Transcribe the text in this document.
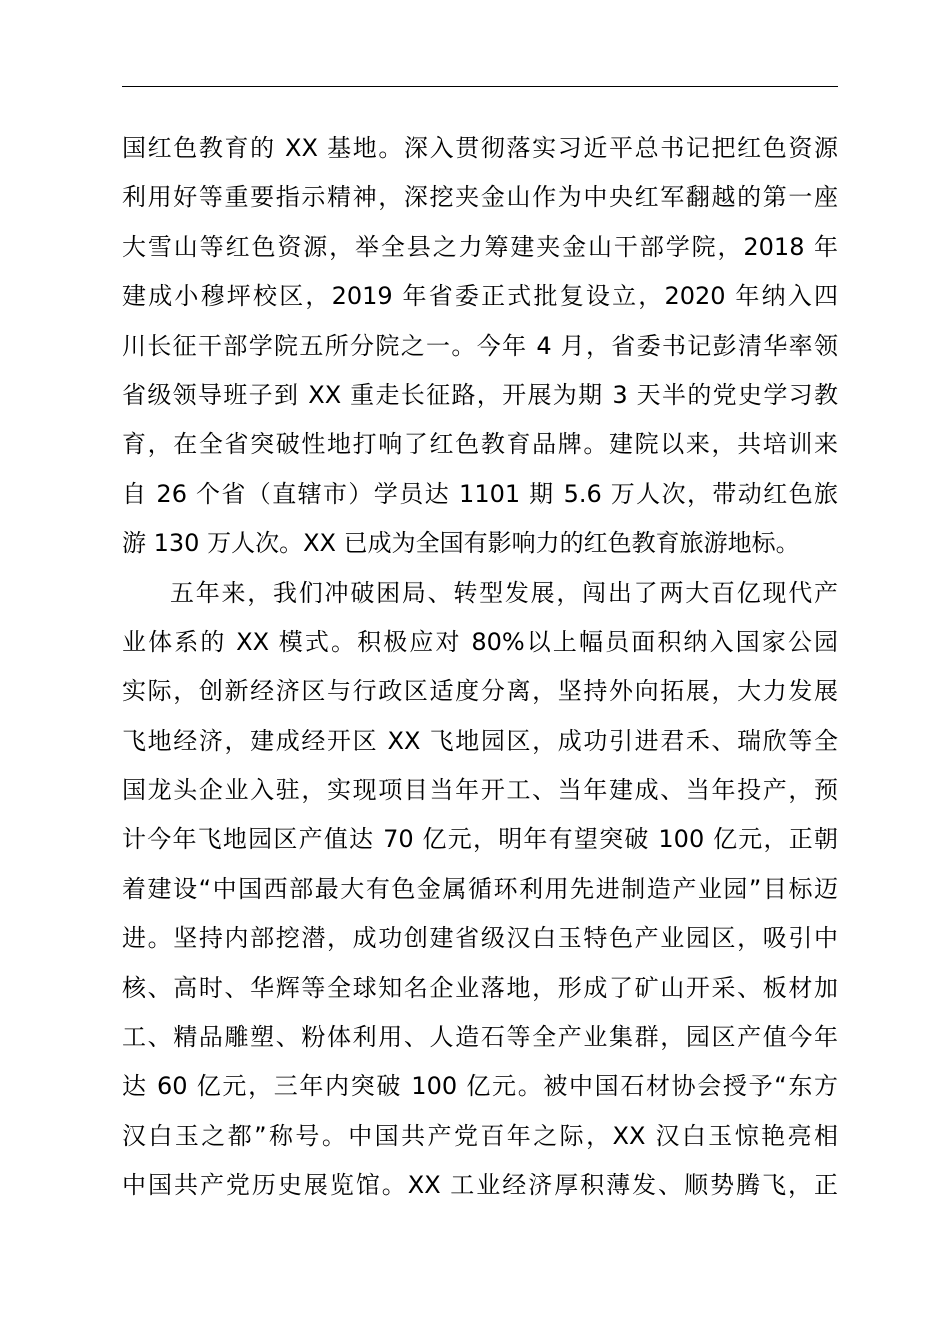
国红色教育的 XX 基地。深入贯彻落实习近平总书记把红色资源
利用好等重要指示精神，深挖夹金山作为中央红军翻越的第一座
大雪山等红色资源，举全县之力筹建夹金山干部学院，2018 年
建成小穆坪校区，2019 年省委正式批复设立，2020 年纳入四
川长征干部学院五所分院之一。今年 4 月，省委书记彭清华率领
省级领导班子到 XX 重走长征路，开展为期 3 天半的党史学习教
育，在全省突破性地打响了红色教育品牌。建院以来，共培训来
自 26 个省（直辖市）学员达 1101 期 5.6 万人次，带动红色旅
游 130 万人次。XX 已成为全国有影响力的红色教育旅游地标。
五年来，我们冲破困局、转型发展，闯出了两大百亿现代产
业体系的 XX 模式。积极应对 80%以上幅员面积纳入国家公园
实际，创新经济区与行政区适度分离，坚持外向拓展，大力发展
飞地经济，建成经开区 XX 飞地园区，成功引进君禾、瑞欣等全
国龙头企业入驻，实现项目当年开工、当年建成、当年投产，预
计今年飞地园区产值达 70 亿元，明年有望突破 100 亿元，正朝
着建设“中国西部最大有色金属循环利用先进制造产业园”目标迈
进。坚持内部挖潜，成功创建省级汉白玉特色产业园区，吸引中
核、高时、华辉等全球知名企业落地，形成了矿山开采、板材加
工、精品雕塑、粉体利用、人造石等全产业集群，园区产值今年
达 60 亿元，三年内突破 100 亿元。被中国石材协会授予“东方
汉白玉之都”称号。中国共产党百年之际，XX 汉白玉惊艳亮相
中国共产党历史展览馆。XX 工业经济厚积薄发、顺势腾飞，正
